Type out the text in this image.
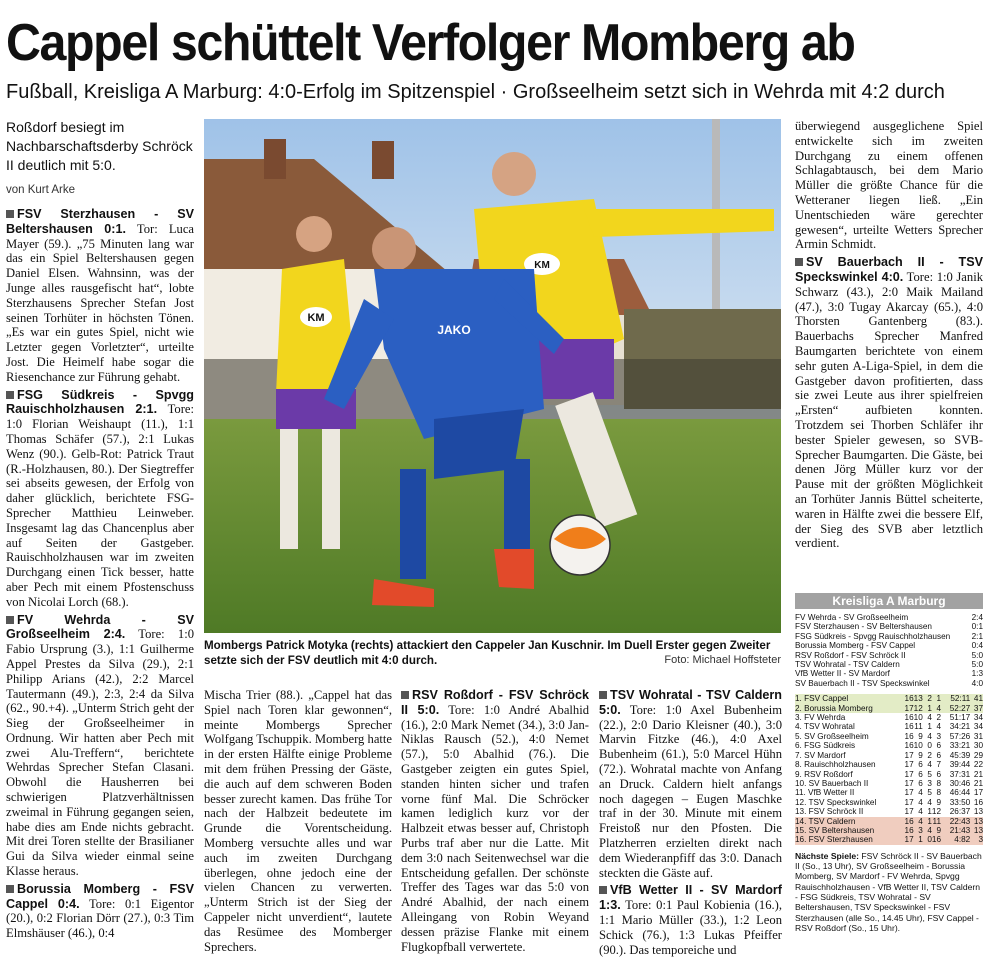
Cappel schüttelt Verfolger Momberg ab
Fußball, Kreisliga A Marburg: 4:0-Erfolg im Spitzenspiel · Großseelheim setzt sich in Wehrda mit 4:2 durch
Roßdorf besiegt im Nachbarschaftsderby Schröck II deutlich mit 5:0.
von Kurt Arke

FSV Sterzhausen - SV Beltershausen 0:1. Tor: Luca Mayer (59.). „75 Minuten lang war das ein Spiel Beltershausen gegen Daniel Elsen. Wahnsinn, was der Junge alles rausgefischt hat“, lobte Sterzhausens Sprecher Stefan Jost seinen Torhüter in höchsten Tönen. „Es war ein gutes Spiel, nicht wie Letzter gegen Vorletzter“, urteilte Jost. Die Heimelf habe sogar die Riesenchance zur Führung gehabt.

FSG Südkreis - Spvgg Rauischholzhausen 2:1. Tore: 1:0 Florian Weishaupt (11.), 1:1 Thomas Schäfer (57.), 2:1 Lukas Wenz (90.). Gelb-Rot: Patrick Traut (R.-Holzhausen, 80.). Der Siegtreffer sei abseits gewesen, der Erfolg von daher glücklich, berichtete FSG-Sprecher Matthieu Leinweber. Insgesamt lag das Chancenplus aber auf Seiten der Gastgeber. Rauischholzhausen war im zweiten Durchgang einen Tick besser, hatte aber Pech mit einem Pfostenschuss von Nicolai Lorch (68.).

FV Wehrda - SV Großseelheim 2:4. Tore: 1:0 Fabio Ursprung (3.), 1:1 Guilherme Appel Prestes da Silva (29.), 2:1 Philipp Arians (42.), 2:2 Marcel Tautermann (49.), 2:3, 2:4 da Silva (62., 90.+4). „Unterm Strich geht der Sieg der Großseelheimer in Ordnung. Wir hatten aber Pech mit zwei Alu-Treffern“, berichtete Wehrdas Sprecher Stefan Clasani. Obwohl die Hausherren bei schwierigen Platzverhältnissen zweimal in Führung gegangen seien, habe dies am Ende nichts gebracht. Mit drei Toren stellte der Brasilianer Gui da Silva wieder einmal seine Klasse heraus.

Borussia Momberg - FSV Cappel 0:4. Tore: 0:1 Eigentor (20.), 0:2 Florian Dörr (27.), 0:3 Tim Elmshäuser (46.), 0:4

Mischa Trier (88.). „Cappel hat das Spiel nach Toren klar gewonnen“, meinte Mombergs Sprecher Wolfgang Tschuppik. Momberg hatte in der ersten Hälfte einige Probleme mit dem frühen Pressing der Gäste, die auch auf dem schweren Boden besser zurecht kamen. Das frühe Tor nach der Halbzeit bedeutete im Grunde die Vorentscheidung. Momberg versuchte alles und war auch im zweiten Durchgang überlegen, ohne jedoch eine der vielen Chancen zu verwerten. „Unterm Strich ist der Sieg der Cappeler nicht unverdient“, lautete das Resümee des Momberger Sprechers.

RSV Roßdorf - FSV Schröck II 5:0. Tore: 1:0 André Abalhid (16.), 2:0 Mark Nemet (34.), 3:0 Jan-Niklas Rausch (52.), 4:0 Nemet (57.), 5:0 Abalhid (76.). Die Gastgeber zeigten ein gutes Spiel, standen hinten sicher und trafen vorne fünf Mal. Die Schröcker kamen lediglich kurz vor der Halbzeit etwas besser auf, Christoph Purbs traf aber nur die Latte. Mit dem 3:0 nach Seitenwechsel war die Entscheidung gefallen. Der schönste Treffer des Tages war das 5:0 von André Abalhid, der nach einem Alleingang von Robin Weyand dessen präzise Flanke mit einem Flugkopfball verwertete.

TSV Wohratal - TSV Caldern 5:0. Tore: 1:0 Axel Bubenheim (22.), 2:0 Dario Kleisner (40.), 3:0 Marvin Fitzke (46.), 4:0 Axel Bubenheim (61.), 5:0 Marcel Hühn (72.). Wohratal machte von Anfang an Druck. Caldern hielt anfangs noch dagegen – Eugen Maschke traf in der 30. Minute mit einem Freistoß nur den Pfosten. Die Platzherren erzielten direkt nach dem Wiederanpfiff das 3:0. Danach steckten die Gäste auf.

VfB Wetter II - SV Mardorf 1:3. Tore: 0:1 Paul Kobienia (16.), 1:1 Mario Müller (33.), 1:2 Leon Schick (76.), 1:3 Lukas Pfeiffer (90.). Das temporeiche und

überwiegend ausgeglichene Spiel entwickelte sich im zweiten Durchgang zu einem offenen Schlagabtausch, bei dem Mario Müller die größte Chance für die Wetteraner liegen ließ. „Ein Unentschieden wäre gerechter gewesen“, urteilte Wetters Sprecher Armin Schmidt.

SV Bauerbach II - TSV Speckswinkel 4:0. Tore: 1:0 Janik Schwarz (43.), 2:0 Maik Mailand (47.), 3:0 Tugay Akarcay (65.), 4:0 Thorsten Gantenberg (83.). Bauerbachs Sprecher Manfred Baumgarten berichtete von einem sehr guten A-Liga-Spiel, in dem die Gastgeber davon profitierten, dass sie zwei Leute aus ihrer spielfreien „Ersten“ aufbieten konnten. Trotzdem sei Thorben Schläfer ihr bester Spieler gewesen, so SVB-Sprecher Baumgarten. Die Gäste, bei denen Jörg Müller kurz vor der Pause mit der größten Möglichkeit an Torhüter Jannis Büttel scheiterte, waren in Hälfte zwei die bessere Elf, der Sieg des SVB aber letztlich verdient.

KM
KM
JAKO
Mombergs Patrick Motyka (rechts) attackiert den Cappeler Jan Kuschnir. Im Duell Erster gegen Zweiter setzte sich der FSV deutlich mit 4:0 durch.	Foto: Michael Hoffsteter
Kreisliga A Marburg
FV Wehrda - SV Großseelheim	2:4
FSV Sterzhausen - SV Beltershausen	0:1
FSG Südkreis - Spvgg Rauischholzhausen	2:1
Borussia Momberg - FSV Cappel	0:4
RSV Roßdorf - FSV Schröck II	5:0
TSV Wohratal - TSV Caldern	5:0
VfB Wetter II - SV Mardorf	1:3
SV Bauerbach II - TSV Speckswinkel	4:0
1. FSV Cappel	16 13 2 1	52:11 41
2. Borussia Momberg	17 12 1 4	52:27 37
3. FV Wehrda	16 10 4 2	51:17 34
4. TSV Wohratal	16 11 1 4	34:21 34
5. SV Großseelheim	16 9 4 3	57:26 31
6. FSG Südkreis	16 10 0 6	33:21 30
7. SV Mardorf	17 9 2 6	45:39 29
8. Rauischholzhausen	17 6 4 7	39:44 22
9. RSV Roßdorf	17 6 5 6	37:31 21
10. SV Bauerbach II	17 6 3 8	30:46 21
11. VfB Wetter II	17 4 5 8	46:44 17
12. TSV Speckswinkel	17 4 4 9	33:50 16
13. FSV Schröck II	17 4 1 12	26:37 13
14. TSV Caldern	16 4 1 11	22:43 13
15. SV Beltershausen	16 3 4 9	21:43 13
16. FSV Sterzhausen	17 1 0 16	4:82	3
Nächste Spiele: FSV Schröck II - SV Bauerbach II (So., 13 Uhr), SV Großseelheim - Borussia Momberg, SV Mardorf - FV Wehrda, Spvgg Rauischholzhausen - VfB Wetter II, TSV Caldern - FSG Südkreis, TSV Wohratal - SV Beltershausen, TSV Speckswinkel - FSV Sterzhausen (alle So., 14.45 Uhr), FSV Cappel - RSV Roßdorf (So., 15 Uhr).
